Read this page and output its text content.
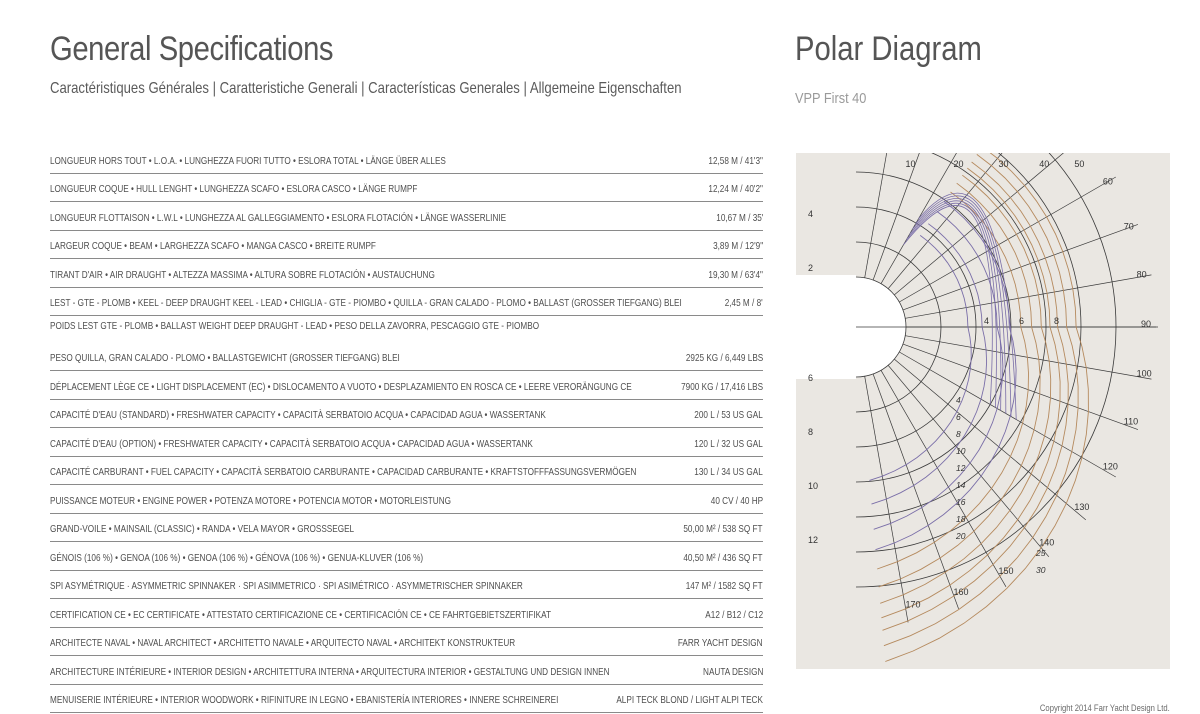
General Specifications
Caractéristiques Générales | Caratteristiche Generali | Características Generales | Allgemeine Eigenschaften
Polar Diagram
VPP First 40
LONGUEUR HORS TOUT • L.O.A. • LUNGHEZZA FUORI TUTTO • ESLORA TOTAL • LÄNGE ÜBER ALLES	12,58 M / 41'3"
LONGUEUR COQUE • HULL LENGHT • LUNGHEZZA SCAFO • ESLORA CASCO • LÄNGE RUMPF	12,24 M / 40'2"
LONGUEUR FLOTTAISON • L.W.L • LUNGHEZZA AL GALLEGGIAMENTO • ESLORA FLOTACIÓN • LÄNGE WASSERLINIE	10,67 M / 35'
LARGEUR COQUE • BEAM • LARGHEZZA SCAFO • MANGA CASCO • BREITE RUMPF	3,89 M / 12'9"
TIRANT D'AIR • AIR DRAUGHT • ALTEZZA MASSIMA • ALTURA SOBRE FLOTACIÓN • AUSTAUCHUNG	19,30 M / 63'4"
LEST - GTE - PLOMB • KEEL - DEEP DRAUGHT KEEL - LEAD • CHIGLIA - GTE - PIOMBO • QUILLA - GRAN CALADO - PLOMO • BALLAST (GROSSER TIEFGANG) BLEI	2,45 M / 8'
POIDS LEST GTE - PLOMB • BALLAST WEIGHT DEEP DRAUGHT - LEAD • PESO DELLA ZAVORRA, PESCAGGIO GTE - PIOMBO
PESO QUILLA, GRAN CALADO - PLOMO • BALLASTGEWICHT (GROSSER TIEFGANG) BLEI	2925 KG / 6,449 LBS
DÉPLACEMENT LÈGE CE • LIGHT DISPLACEMENT (EC) • DISLOCAMENTO A VUOTO • DESPLAZAMIENTO EN ROSCA CE • LEERE VERORÄNGUNG CE	7900 KG / 17,416 LBS
CAPACITÉ D'EAU (STANDARD) • FRESHWATER CAPACITY • CAPACITÀ SERBATOIO ACQUA • CAPACIDAD AGUA • WASSERTANK	200 L / 53 US GAL
CAPACITÉ D'EAU (OPTION) • FRESHWATER CAPACITY • CAPACITÀ SERBATOIO ACQUA • CAPACIDAD AGUA • WASSERTANK	120 L / 32 US GAL
CAPACITÉ CARBURANT • FUEL CAPACITY • CAPACITÀ SERBATOIO CARBURANTE • CAPACIDAD CARBURANTE • KRAFTSTOFFFASSUNGSVERMÖGEN	130 L / 34 US GAL
PUISSANCE MOTEUR • ENGINE POWER • POTENZA MOTORE • POTENCIA MOTOR • MOTORLEISTUNG	40 CV / 40 HP
GRAND-VOILE • MAINSAIL (CLASSIC) • RANDA • VELA MAYOR • GROSSSEGEL	50,00 M² / 538 SQ FT
GÉNOIS (106 %) • GENOA (106 %) • GENOA (106 %) • GÉNOVA (106 %) • GENUA-KLUVER (106 %)	40,50 M² / 436 SQ FT
SPI ASYMÉTRIQUE · ASYMMETRIC SPINNAKER · SPI ASIMMETRICO · SPI ASIMÉTRICO · ASYMMETRISCHER SPINNAKER	147 M² / 1582 SQ FT
CERTIFICATION CE • EC CERTIFICATE • ATTESTATO CERTIFICAZIONE CE • CERTIFICACIÓN CE • CE FAHRTGEBIETSZERTIFIKAT	A12 / B12 / C12
ARCHITECTE NAVAL • NAVAL ARCHITECT • ARCHITETTO NAVALE • ARQUITECTO NAVAL • ARCHITEKT KONSTRUKTEUR	FARR YACHT DESIGN
ARCHITECTURE INTÉRIEURE • INTERIOR DESIGN • ARCHITETTURA INTERNA • ARQUITECTURA INTERIOR • GESTALTUNG UND DESIGN INNEN	NAUTA DESIGN
MENUISERIE INTÉRIEURE • INTERIOR WOODWORK • RIFINITURE IN LEGNO • EBANISTERÍA INTERIORES • INNERE SCHREINEREI	ALPI TECK BLOND / LIGHT ALPI TECK
10	20	30	40	50
60
70
80
90
100
110
120
130
140
150
160
170
2
4
6
8
10
12
4	6	8
4
6
8
10
12
14
16
18
20
25
30
Copyright 2014 Farr Yacht Design Ltd.
